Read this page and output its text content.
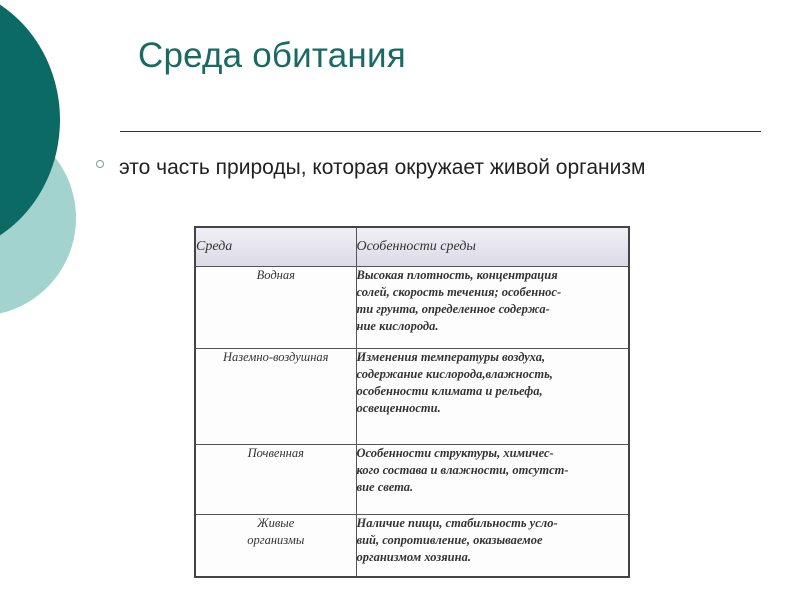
Среда обитания
это часть природы, которая окружает живой организм
Среда	Особенности среды

Водная	Высокая плотность, концентрация
солей, скорость течения; особеннос-
ти грунта, определенное содержа-
ние кислорода.

Наземно-воздушная	Изменения температуры воздуха,
содержание кислорода,влажность,
особенности климата и рельефа,
освещенности.

Почвенная	Особенности структуры, химичес-
кого состава и влажности, отсутст-
вие света.

Живые
организмы	Наличие пищи, стабильность усло-
вий, сопротивление, оказываемое
организмом хозяина.
